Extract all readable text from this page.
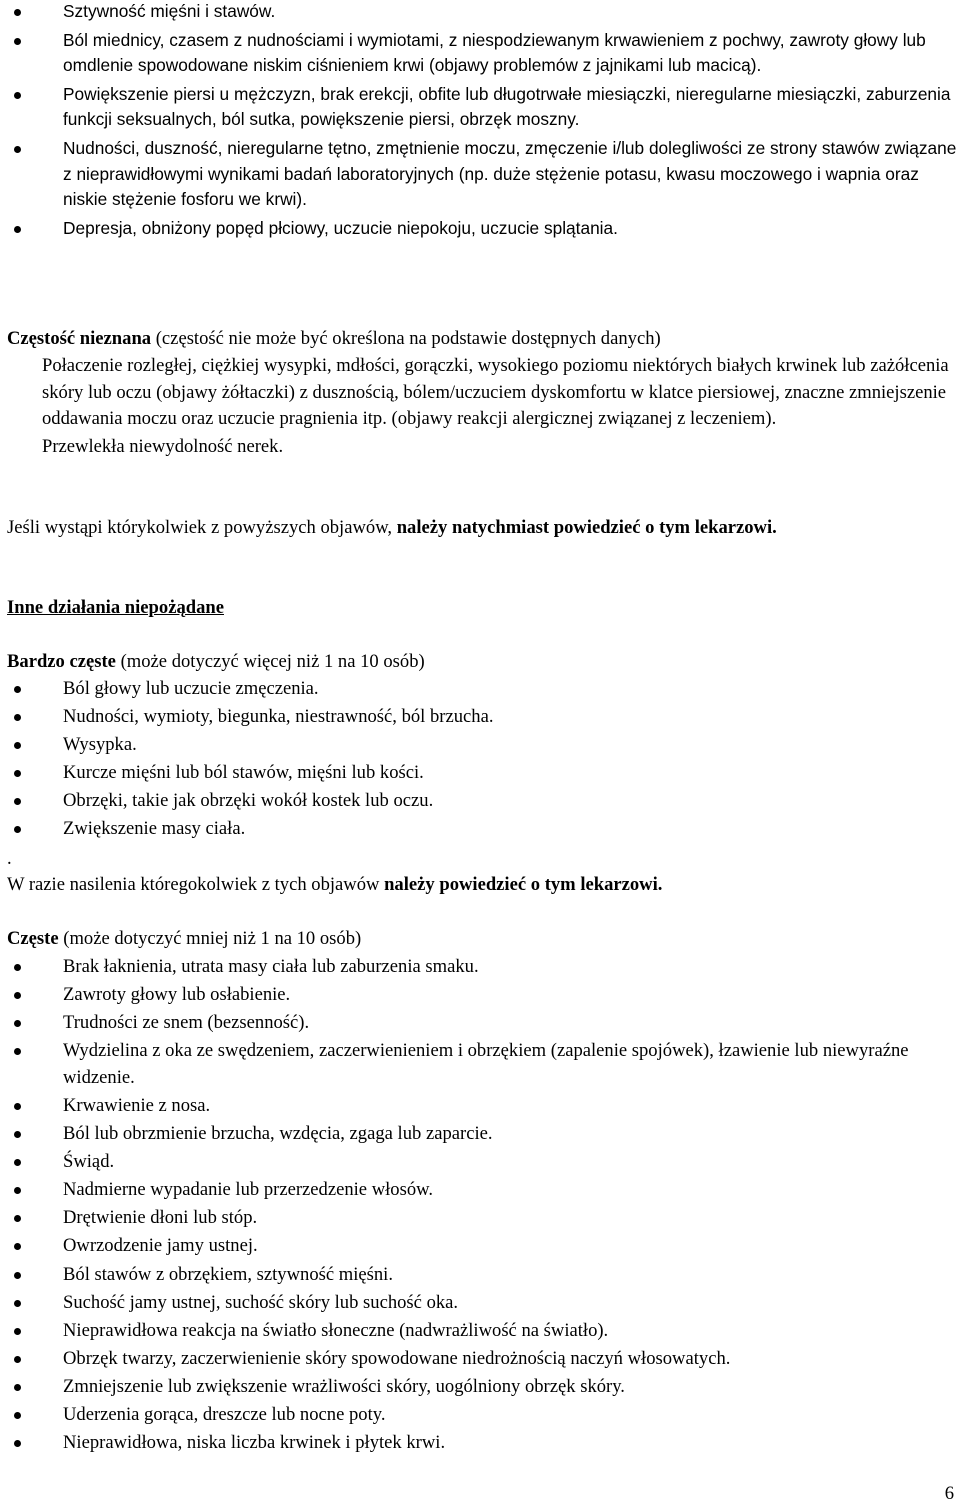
Sztywność mięśni i stawów.
Ból miednicy, czasem z nudnościami i wymiotami, z niespodziewanym krwawieniem z pochwy, zawroty głowy lub omdlenie spowodowane niskim ciśnieniem krwi (objawy problemów z jajnikami lub macicą).
Powiększenie piersi u mężczyzn, brak erekcji, obfite lub długotrwałe miesiączki, nieregularne miesiączki, zaburzenia funkcji seksualnych, ból sutka, powiększenie piersi, obrzęk moszny.
Nudności, duszność, nieregularne tętno, zmętnienie moczu, zmęczenie i/lub dolegliwości ze strony stawów związane z nieprawidłowymi wynikami badań laboratoryjnych (np. duże stężenie potasu, kwasu moczowego i wapnia oraz niskie stężenie fosforu we krwi).
Depresja, obniżony popęd płciowy, uczucie niepokoju, uczucie splątania.
Częstość nieznana (częstość nie może być określona na podstawie dostępnych danych)
Połaczenie rozległej, ciężkiej wysypki, mdłości, gorączki, wysokiego poziomu niektórych białych krwinek lub zażółcenia skóry lub oczu (objawy żółtaczki) z dusznością, bólem/uczuciem dyskomfortu w klatce piersiowej, znaczne zmniejszenie oddawania moczu oraz uczucie pragnienia itp. (objawy reakcji alergicznej związanej z leczeniem).
Przewlekła niewydolność nerek.
Jeśli wystąpi którykolwiek z powyższych objawów, należy natychmiast powiedzieć o tym lekarzowi.
Inne działania niepożądane
Bardzo częste (może dotyczyć więcej niż 1 na 10 osób)
Ból głowy lub uczucie zmęczenia.
Nudności, wymioty, biegunka, niestrawność, ból brzucha.
Wysypka.
Kurcze mięśni lub ból stawów, mięśni lub kości.
Obrzęki, takie jak obrzęki wokół kostek lub oczu.
Zwiększenie masy ciała.
.
W razie nasilenia któregokolwiek z tych objawów należy powiedzieć o tym lekarzowi.
Częste (może dotyczyć mniej niż 1 na 10 osób)
Brak łaknienia, utrata masy ciała lub zaburzenia smaku.
Zawroty głowy lub osłabienie.
Trudności ze snem (bezsenność).
Wydzielina z oka ze swędzeniem, zaczerwienieniem i obrzękiem (zapalenie spojówek), łzawienie lub niewyraźne widzenie.
Krwawienie z nosa.
Ból lub obrzmienie brzucha, wzdęcia, zgaga lub zaparcie.
Świąd.
Nadmierne wypadanie lub przerzedzenie włosów.
Drętwienie dłoni lub stóp.
Owrzodzenie jamy ustnej.
Ból stawów z obrzękiem, sztywność mięśni.
Suchość jamy ustnej, suchość skóry lub suchość oka.
Nieprawidłowa reakcja na światło słoneczne (nadwrażliwość na światło).
Obrzęk twarzy, zaczerwienienie skóry spowodowane niedrożnością naczyń włosowatych.
Zmniejszenie lub zwiększenie wrażliwości skóry, uogólniony obrzęk skóry.
Uderzenia gorąca, dreszcze lub nocne poty.
Nieprawidłowa, niska liczba krwinek i płytek krwi.
6
